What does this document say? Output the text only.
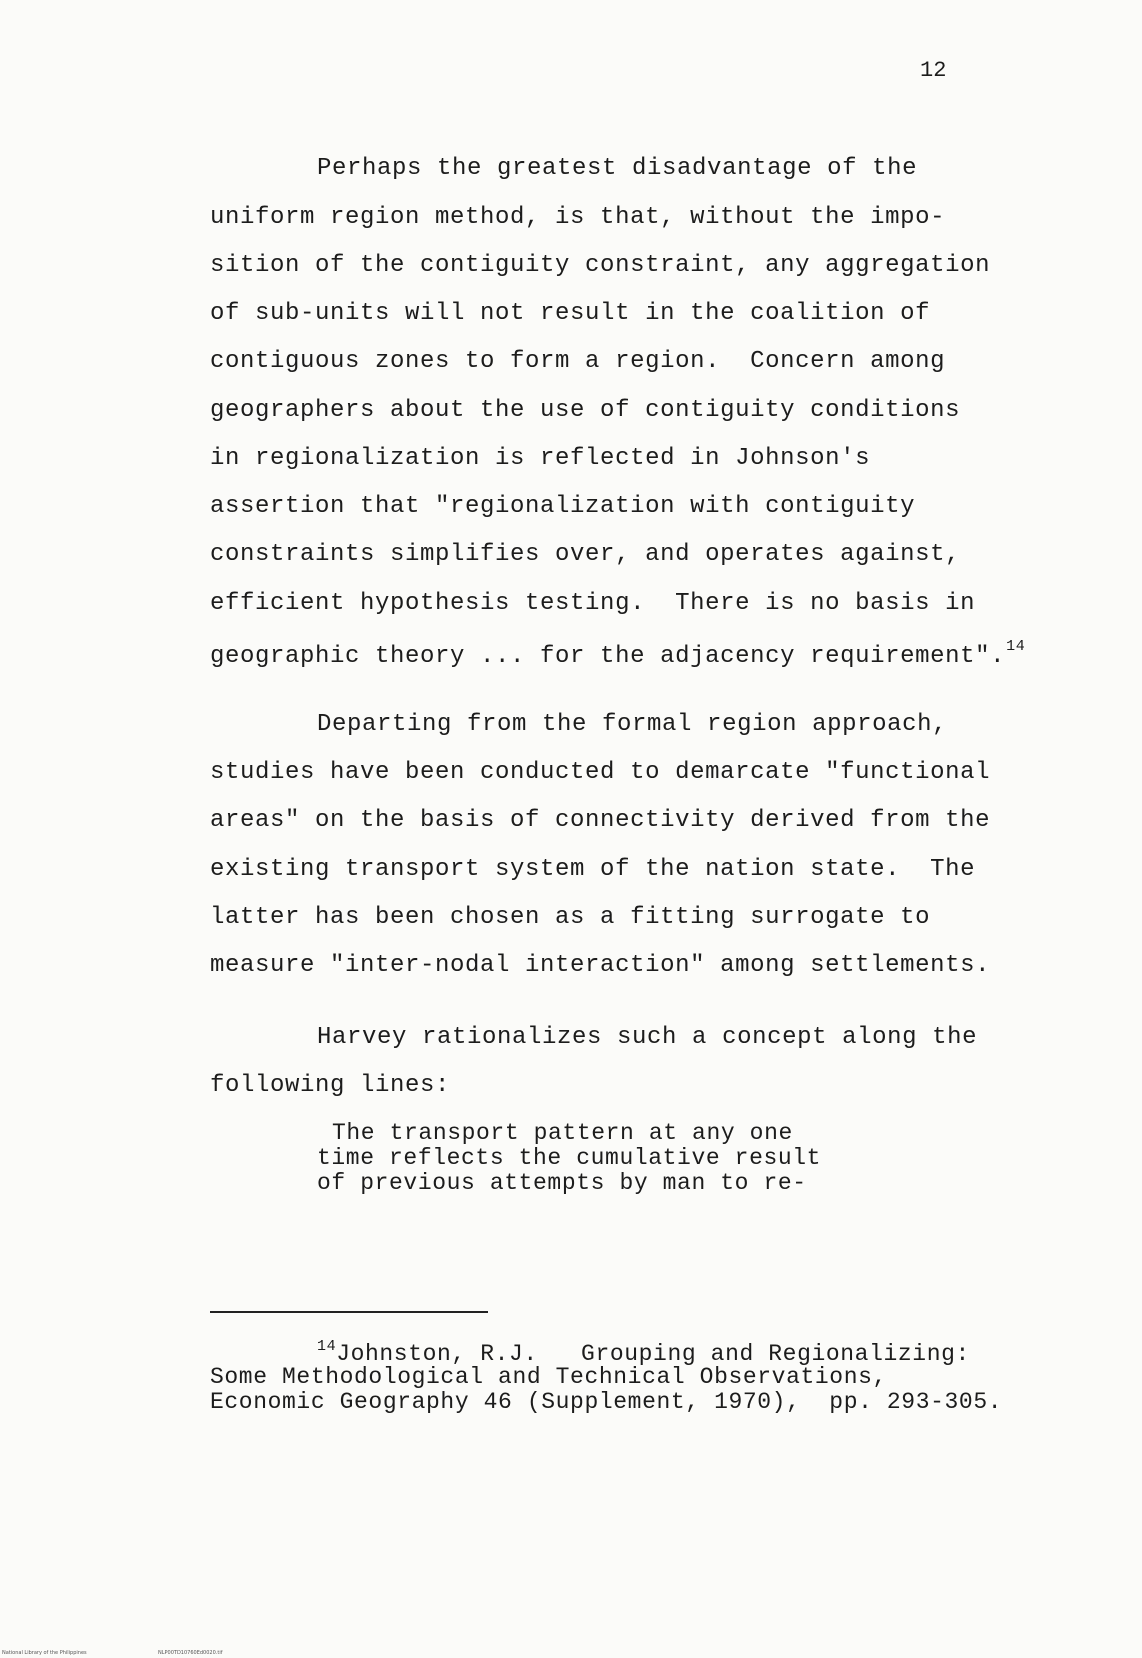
12
Perhaps the greatest disadvantage of the
uniform region method, is that, without the impo-
sition of the contiguity constraint, any aggregation
of sub-units will not result in the coalition of
contiguous zones to form a region.  Concern among
geographers about the use of contiguity conditions
in regionalization is reflected in Johnson's
assertion that "regionalization with contiguity
constraints simplifies over, and operates against,
efficient hypothesis testing.  There is no basis in
geographic theory ... for the adjacency requirement".$^{14}$
Departing from the formal region approach,
studies have been conducted to demarcate "functional
areas" on the basis of connectivity derived from the
existing transport system of the nation state.  The
latter has been chosen as a fitting surrogate to
measure "inter-nodal interaction" among settlements.
Harvey rationalizes such a concept along the
following lines:
The transport pattern at any one
time reflects the cumulative result
of previous attempts by man to re-
$^{14}$Johnston, R.J.   Grouping and Regionalizing:
Some Methodological and Technical Observations,
Economic Geography 46 (Supplement, 1970),  pp. 293-305.
National Library of the Philippines	NLP00TD10760Ed0020.tif
